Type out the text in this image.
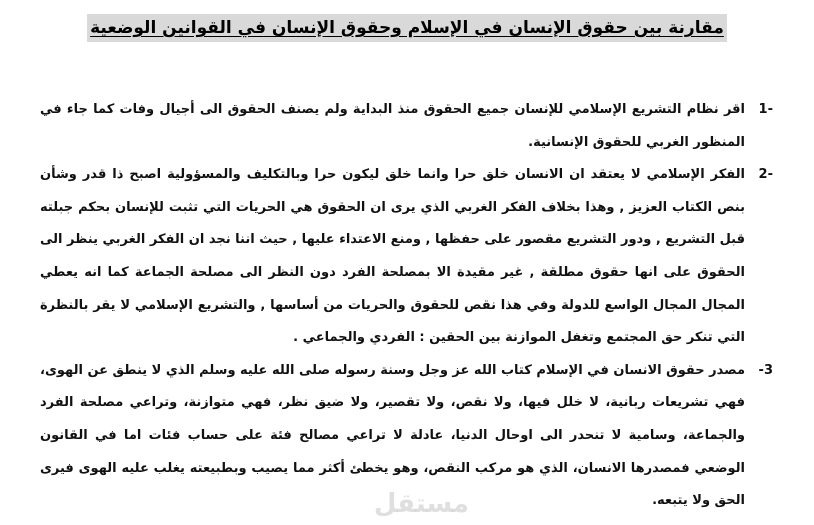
مقارنة بين حقوق الإنسان في الإسلام وحقوق الإنسان في القوانين الوضعية

-1
اقر نظام التشريع الإسلامي للإنسان جميع الحقوق منذ البداية ولم يصنف الحقوق الى أجيال وفات كما جاء في المنظور الغربي للحقوق الإنسانية.

-2
الفكر الإسلامي لا يعتقد ان الانسان خلق حرا وانما خلق ليكون حرا وبالتكليف والمسؤولية اصبح ذا قدر وشأن بنص الكتاب العزيز , وهذا بخلاف الفكر الغربي الذي يرى ان الحقوق هي الحريات التي تثبت للإنسان بحكم جبلته قبل التشريع , ودور التشريع مقصور على حفظها , ومنع الاعتداء عليها , حيث اننا نجد ان الفكر الغربي ينظر الى الحقوق على انها حقوق مطلقة , غير مقيدة الا بمصلحة الفرد دون النظر الى مصلحة الجماعة كما انه يعطي المجال المجال الواسع للدولة وفي هذا نقص للحقوق والحريات من أساسها , والتشريع الإسلامي لا يقر بالنظرة التي تنكر حق المجتمع وتغفل الموازنة بين الحقين : الفردي والجماعي .

3-
مصدر حقوق الانسان في الإسلام كتاب الله عز وجل وسنة رسوله صلى الله عليه وسلم الذي لا ينطق عن الهوى، فهي تشريعات ربانية، لا خلل فيها، ولا نقص، ولا تقصير، ولا ضيق نظر، فهي متوازنة، وتراعي مصلحة الفرد والجماعة، وسامية لا تنحدر الى اوحال الدنيا، عادلة لا تراعي مصالح فئة على حساب فئات اما في القانون الوضعي فمصدرها الانسان، الذي هو مركب النقص، وهو يخطئ أكثر مما يصيب وبطبيعته يغلب عليه الهوى فيرى الحق ولا يتبعه.

مستقل
